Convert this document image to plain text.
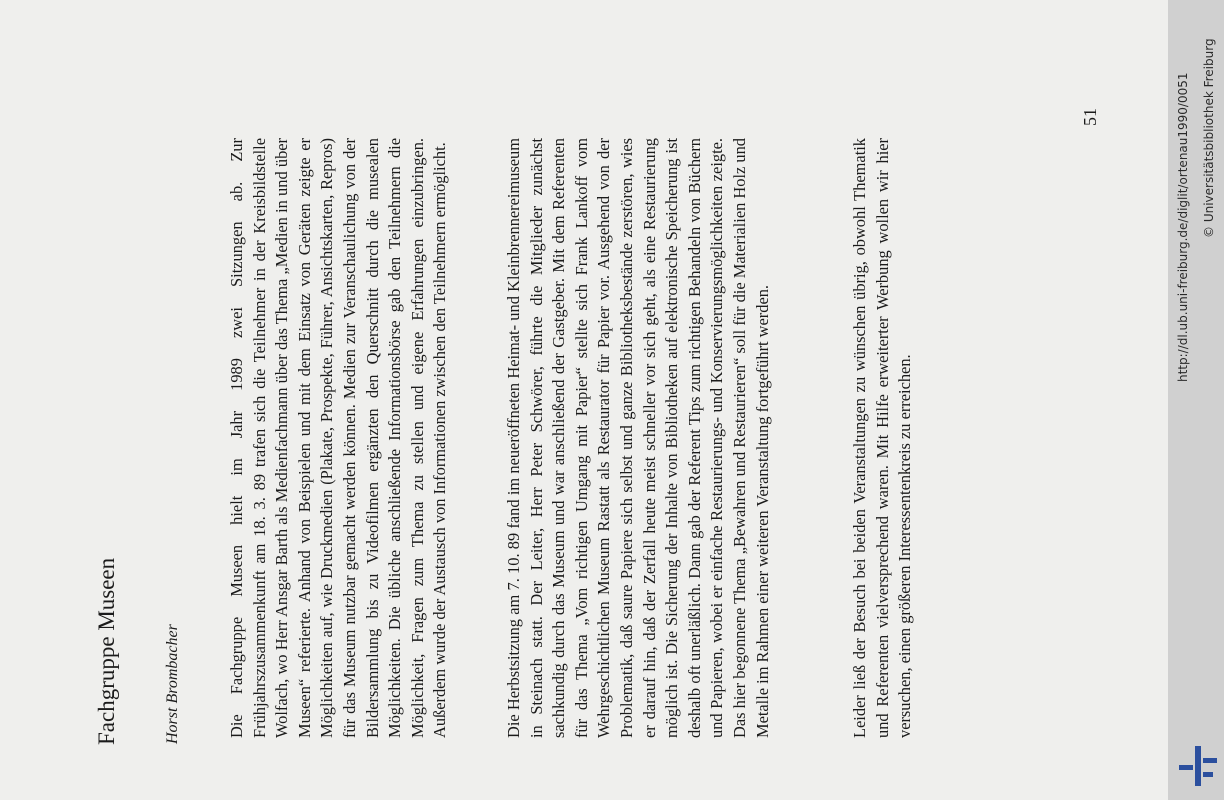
Fachgruppe Museen	Horst Brombacher	Die Fachgruppe Museen hielt im Jahr 1989 zwei Sitzungen ab. Zur Frühjahrszusammenkunft am 18. 3. 89 trafen sich die Teilnehmer in der Kreisbildstelle Wolfach, wo Herr Ansgar Barth als Medienfachmann über das Thema „Medien in und über Museen“ referierte. Anhand von Beispielen und mit dem Einsatz von Geräten zeigte er Möglichkeiten auf, wie Druckmedien (Plakate, Prospekte, Führer, Ansichtskarten, Repros) für das Museum nutzbar gemacht werden können. Medien zur Veranschaulichung von der Bildersammlung bis zu Videofilmen ergänzten den Querschnitt durch die musealen Möglichkeiten. Die übliche anschließende Informationsbörse gab den Teilnehmern die Möglichkeit, Fragen zum Thema zu stellen und eigene Erfahrungen einzubringen. Außerdem wurde der Austausch von Informationen zwischen den Teilnehmern ermöglicht.	Die Herbstsitzung am 7. 10. 89 fand im neueröffneten Heimat- und Kleinbrennereimuseum in Steinach statt. Der Leiter, Herr Peter Schwörer, führte die Mitglieder zunächst sachkundig durch das Museum und war anschließend der Gastgeber. Mit dem Referenten für das Thema „Vom richtigen Umgang mit Papier“ stellte sich Frank Lankoff vom Wehrgeschichtlichen Museum Rastatt als Restaurator für Papier vor. Ausgehend von der Problematik, daß saure Papiere sich selbst und ganze Bibliotheksbestände zerstören, wies er darauf hin, daß der Zerfall heute meist schneller vor sich geht, als eine Restaurierung möglich ist. Die Sicherung der Inhalte von Bibliotheken auf elektronische Speicherung ist deshalb oft unerläßlich. Dann gab der Referent Tips zum richtigen Behandeln von Büchern und Papieren, wobei er einfache Restaurierungs- und Konservierungsmöglichkeiten zeigte. Das hier begonnene Thema „Bewahren und Restaurieren“ soll für die Materialien Holz und Metalle im Rahmen einer weiteren Veranstaltung fortgeführt werden.	Leider ließ der Besuch bei beiden Veranstaltungen zu wünschen übrig, obwohl Thematik und Referenten vielversprechend waren. Mit Hilfe erweiterter Werbung wollen wir hier versuchen, einen größeren Interessentenkreis zu erreichen.

51	http://dl.ub.uni-freiburg.de/diglit/ortenau1990/0051 © Universitätsbibliothek Freiburg
